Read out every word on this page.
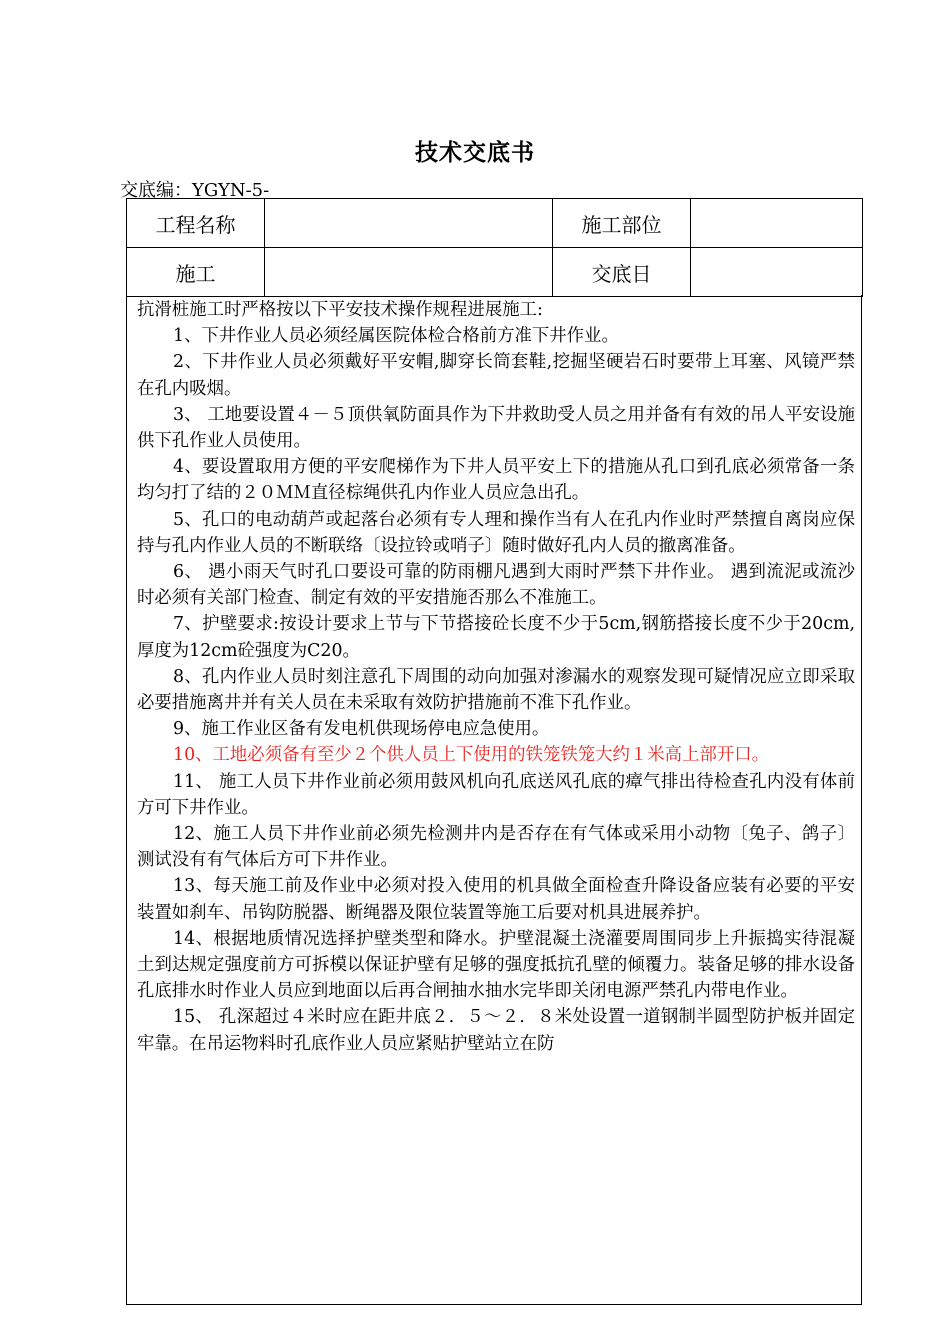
技术交底书
交底编：YGYN-5-
工程名称		施工部位	
施工		交底日	

抗滑桩施工时严格按以下平安技术操作规程进展施工:

1、下井作业人员必须经属医院体检合格前方准下井作业。

2、下井作业人员必须戴好平安帽,脚穿长筒套鞋,挖掘坚硬岩石时要带上耳塞、风镜严禁在孔内吸烟。

3、 工地要设置４－５顶供氧防面具作为下井救助受人员之用并备有有效的吊人平安设施供下孔作业人员使用。

4、要设置取用方便的平安爬梯作为下井人员平安上下的措施从孔口到孔底必须常备一条均匀打了结的２０ＭＭ直径棕绳供孔内作业人员应急出孔。

5、孔口的电动葫芦或起落台必须有专人理和操作当有人在孔内作业时严禁擅自离岗应保持与孔内作业人员的不断联络〔设拉铃或哨子〕随时做好孔内人员的撤离准备。

6、 遇小雨天气时孔口要设可靠的防雨棚凡遇到大雨时严禁下井作业。 遇到流泥或流沙时必须有关部门检查、制定有效的平安措施否那么不准施工。

7、护壁要求:按设计要求上节与下节搭接砼长度不少于5cm,钢筋搭接长度不少于20cm,厚度为12cm砼强度为C20。

8、孔内作业人员时刻注意孔下周围的动向加强对渗漏水的观察发现可疑情况应立即采取必要措施离井并有关人员在未采取有效防护措施前不准下孔作业。

9、施工作业区备有发电机供现场停电应急使用。

10、工地必须备有至少２个供人员上下使用的铁笼铁笼大约１米高上部开口。

11、 施工人员下井作业前必须用鼓风机向孔底送风孔底的瘴气排出待检查孔内没有体前方可下井作业。

12、施工人员下井作业前必须先检测井内是否存在有气体或采用小动物〔兔子、鸽子〕测试没有有气体后方可下井作业。

13、每天施工前及作业中必须对投入使用的机具做全面检查升降设备应装有必要的平安装置如刹车、吊钩防脱器、断绳器及限位装置等施工后要对机具进展养护。

14、根据地质情况选择护壁类型和降水。护壁混凝土浇灌要周围同步上升振捣实待混凝土到达规定强度前方可拆模以保证护壁有足够的强度抵抗孔壁的倾覆力。装备足够的排水设备孔底排水时作业人员应到地面以后再合闸抽水抽水完毕即关闭电源严禁孔内带电作业。

15、 孔深超过４米时应在距井底２．５～２．８米处设置一道钢制半圆型防护板并固定牢靠。在吊运物料时孔底作业人员应紧贴护壁站立在防
